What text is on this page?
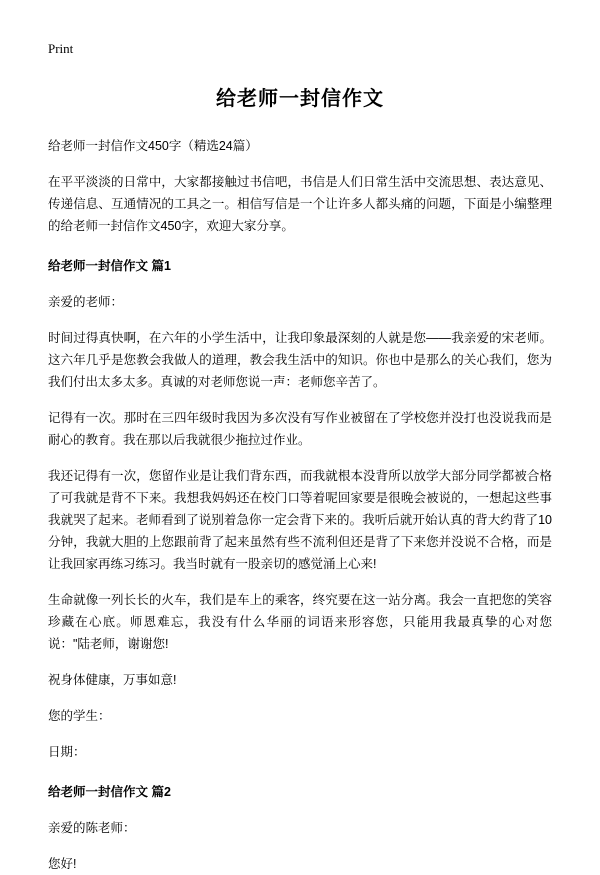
Print
给老师一封信作文
给老师一封信作文450字（精选24篇）

在平平淡淡的日常中，大家都接触过书信吧，书信是人们日常生活中交流思想、表达意见、传递信息、互通情况的工具之一。相信写信是一个让许多人都头痛的问题，下面是小编整理的给老师一封信作文450字，欢迎大家分享。

给老师一封信作文 篇1

亲爱的老师：

时间过得真快啊，在六年的小学生活中，让我印象最深刻的人就是您——我亲爱的宋老师。这六年几乎是您教会我做人的道理，教会我生活中的知识。你也中是那么的关心我们，您为我们付出太多太多。真诚的对老师您说一声：老师您辛苦了。

记得有一次。那时在三四年级时我因为多次没有写作业被留在了学校您并没打也没说我而是耐心的教育。我在那以后我就很少拖拉过作业。

我还记得有一次，您留作业是让我们背东西，而我就根本没背所以放学大部分同学都被合格了可我就是背不下来。我想我妈妈还在校门口等着呢回家要是很晚会被说的，一想起这些事我就哭了起来。老师看到了说别着急你一定会背下来的。我听后就开始认真的背大约背了10分钟，我就大胆的上您跟前背了起来虽然有些不流利但还是背了下来您并没说不合格，而是让我回家再练习练习。我当时就有一股亲切的感觉涌上心来!

生命就像一列长长的火车，我们是车上的乘客，终究要在这一站分离。我会一直把您的笑容珍藏在心底。师恩难忘，我没有什么华丽的词语来形容您，只能用我最真挚的心对您说："陆老师，谢谢您!

祝身体健康，万事如意!

您的学生：

日期：

给老师一封信作文 篇2

亲爱的陈老师：

您好!
